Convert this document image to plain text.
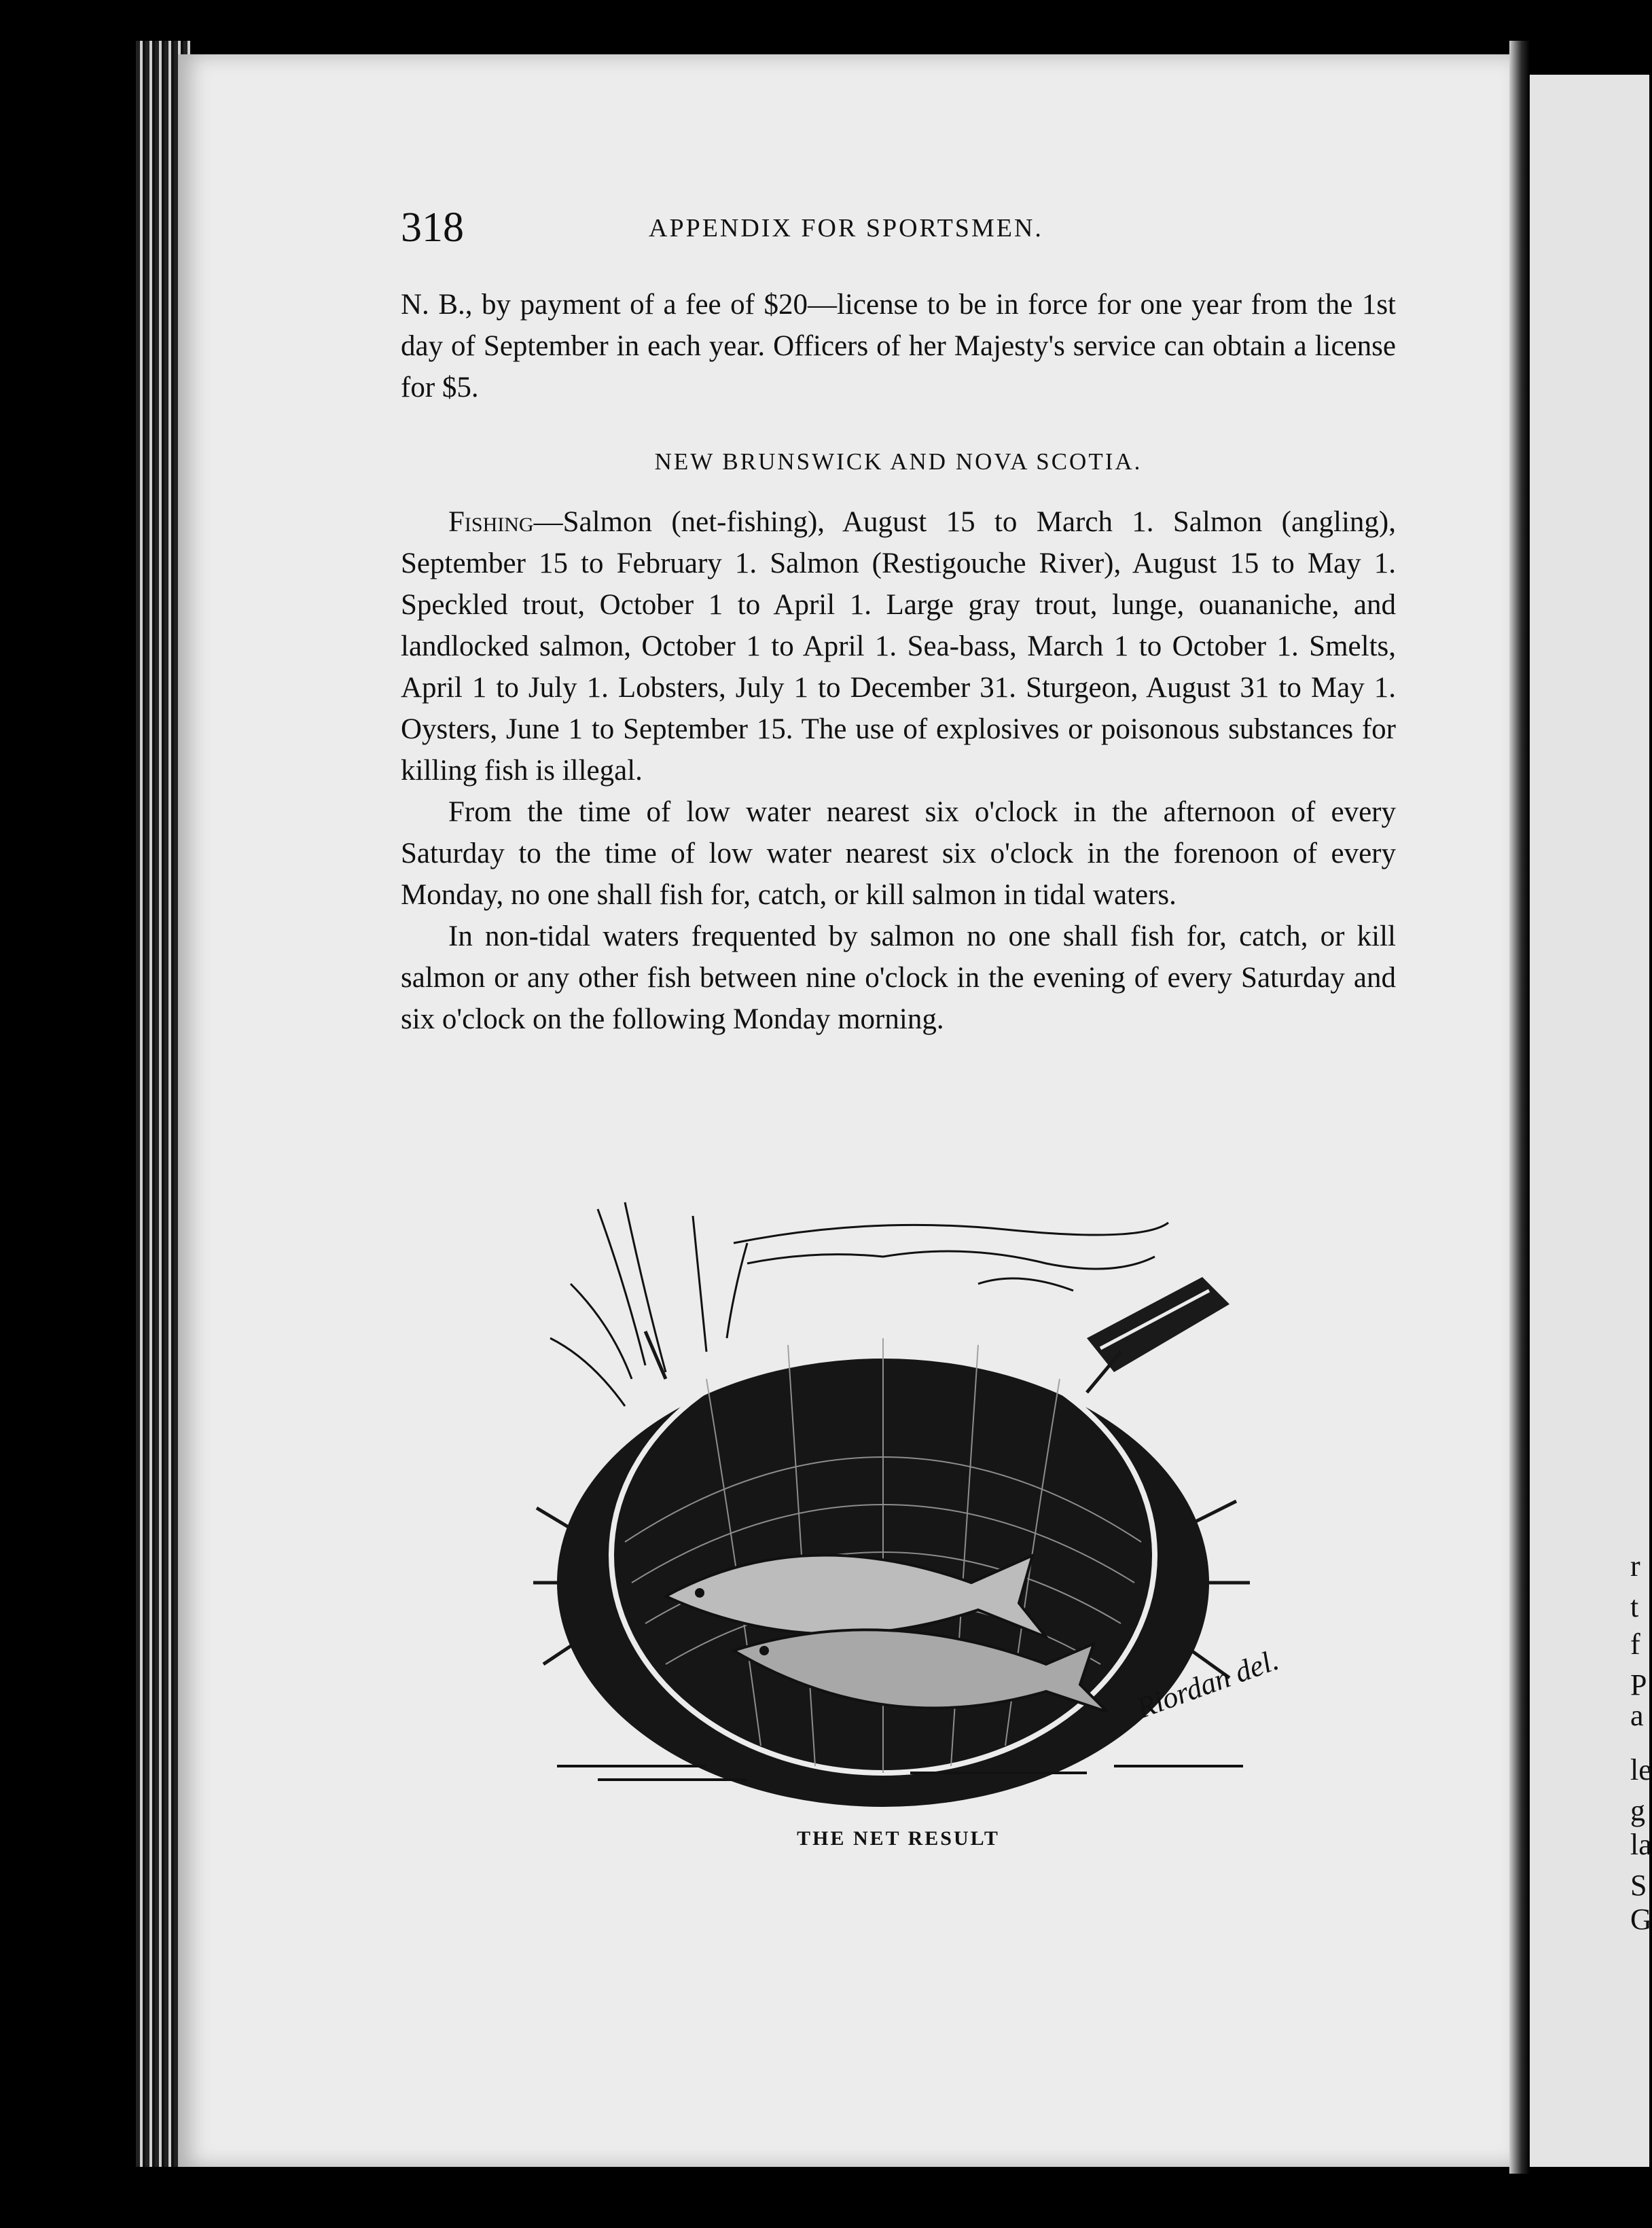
r
t
f
P
a
le
g
la
S
G
318	APPENDIX FOR SPORTSMEN.

N. B., by payment of a fee of $20—license to be in force for one year from the 1st day of September in each year. Officers of her Majesty's service can obtain a license for $5.

NEW BRUNSWICK AND NOVA SCOTIA.

Fishing—Salmon (net-fishing), August 15 to March 1. Salmon (angling), September 15 to February 1. Salmon (Restigouche River), August 15 to May 1. Speckled trout, October 1 to April 1. Large gray trout, lunge, ouananiche, and landlocked salmon, October 1 to April 1. Sea-bass, March 1 to October 1. Smelts, April 1 to July 1. Lobsters, July 1 to December 31. Sturgeon, August 31 to May 1. Oysters, June 1 to September 15. The use of explosives or poisonous substances for killing fish is illegal.

From the time of low water nearest six o'clock in the afternoon of every Saturday to the time of low water nearest six o'clock in the forenoon of every Monday, no one shall fish for, catch, or kill salmon in tidal waters.

In non-tidal waters frequented by salmon no one shall fish for, catch, or kill salmon or any other fish between nine o'clock in the evening of every Saturday and six o'clock on the following Monday morning.

Riordan del.
THE NET RESULT
